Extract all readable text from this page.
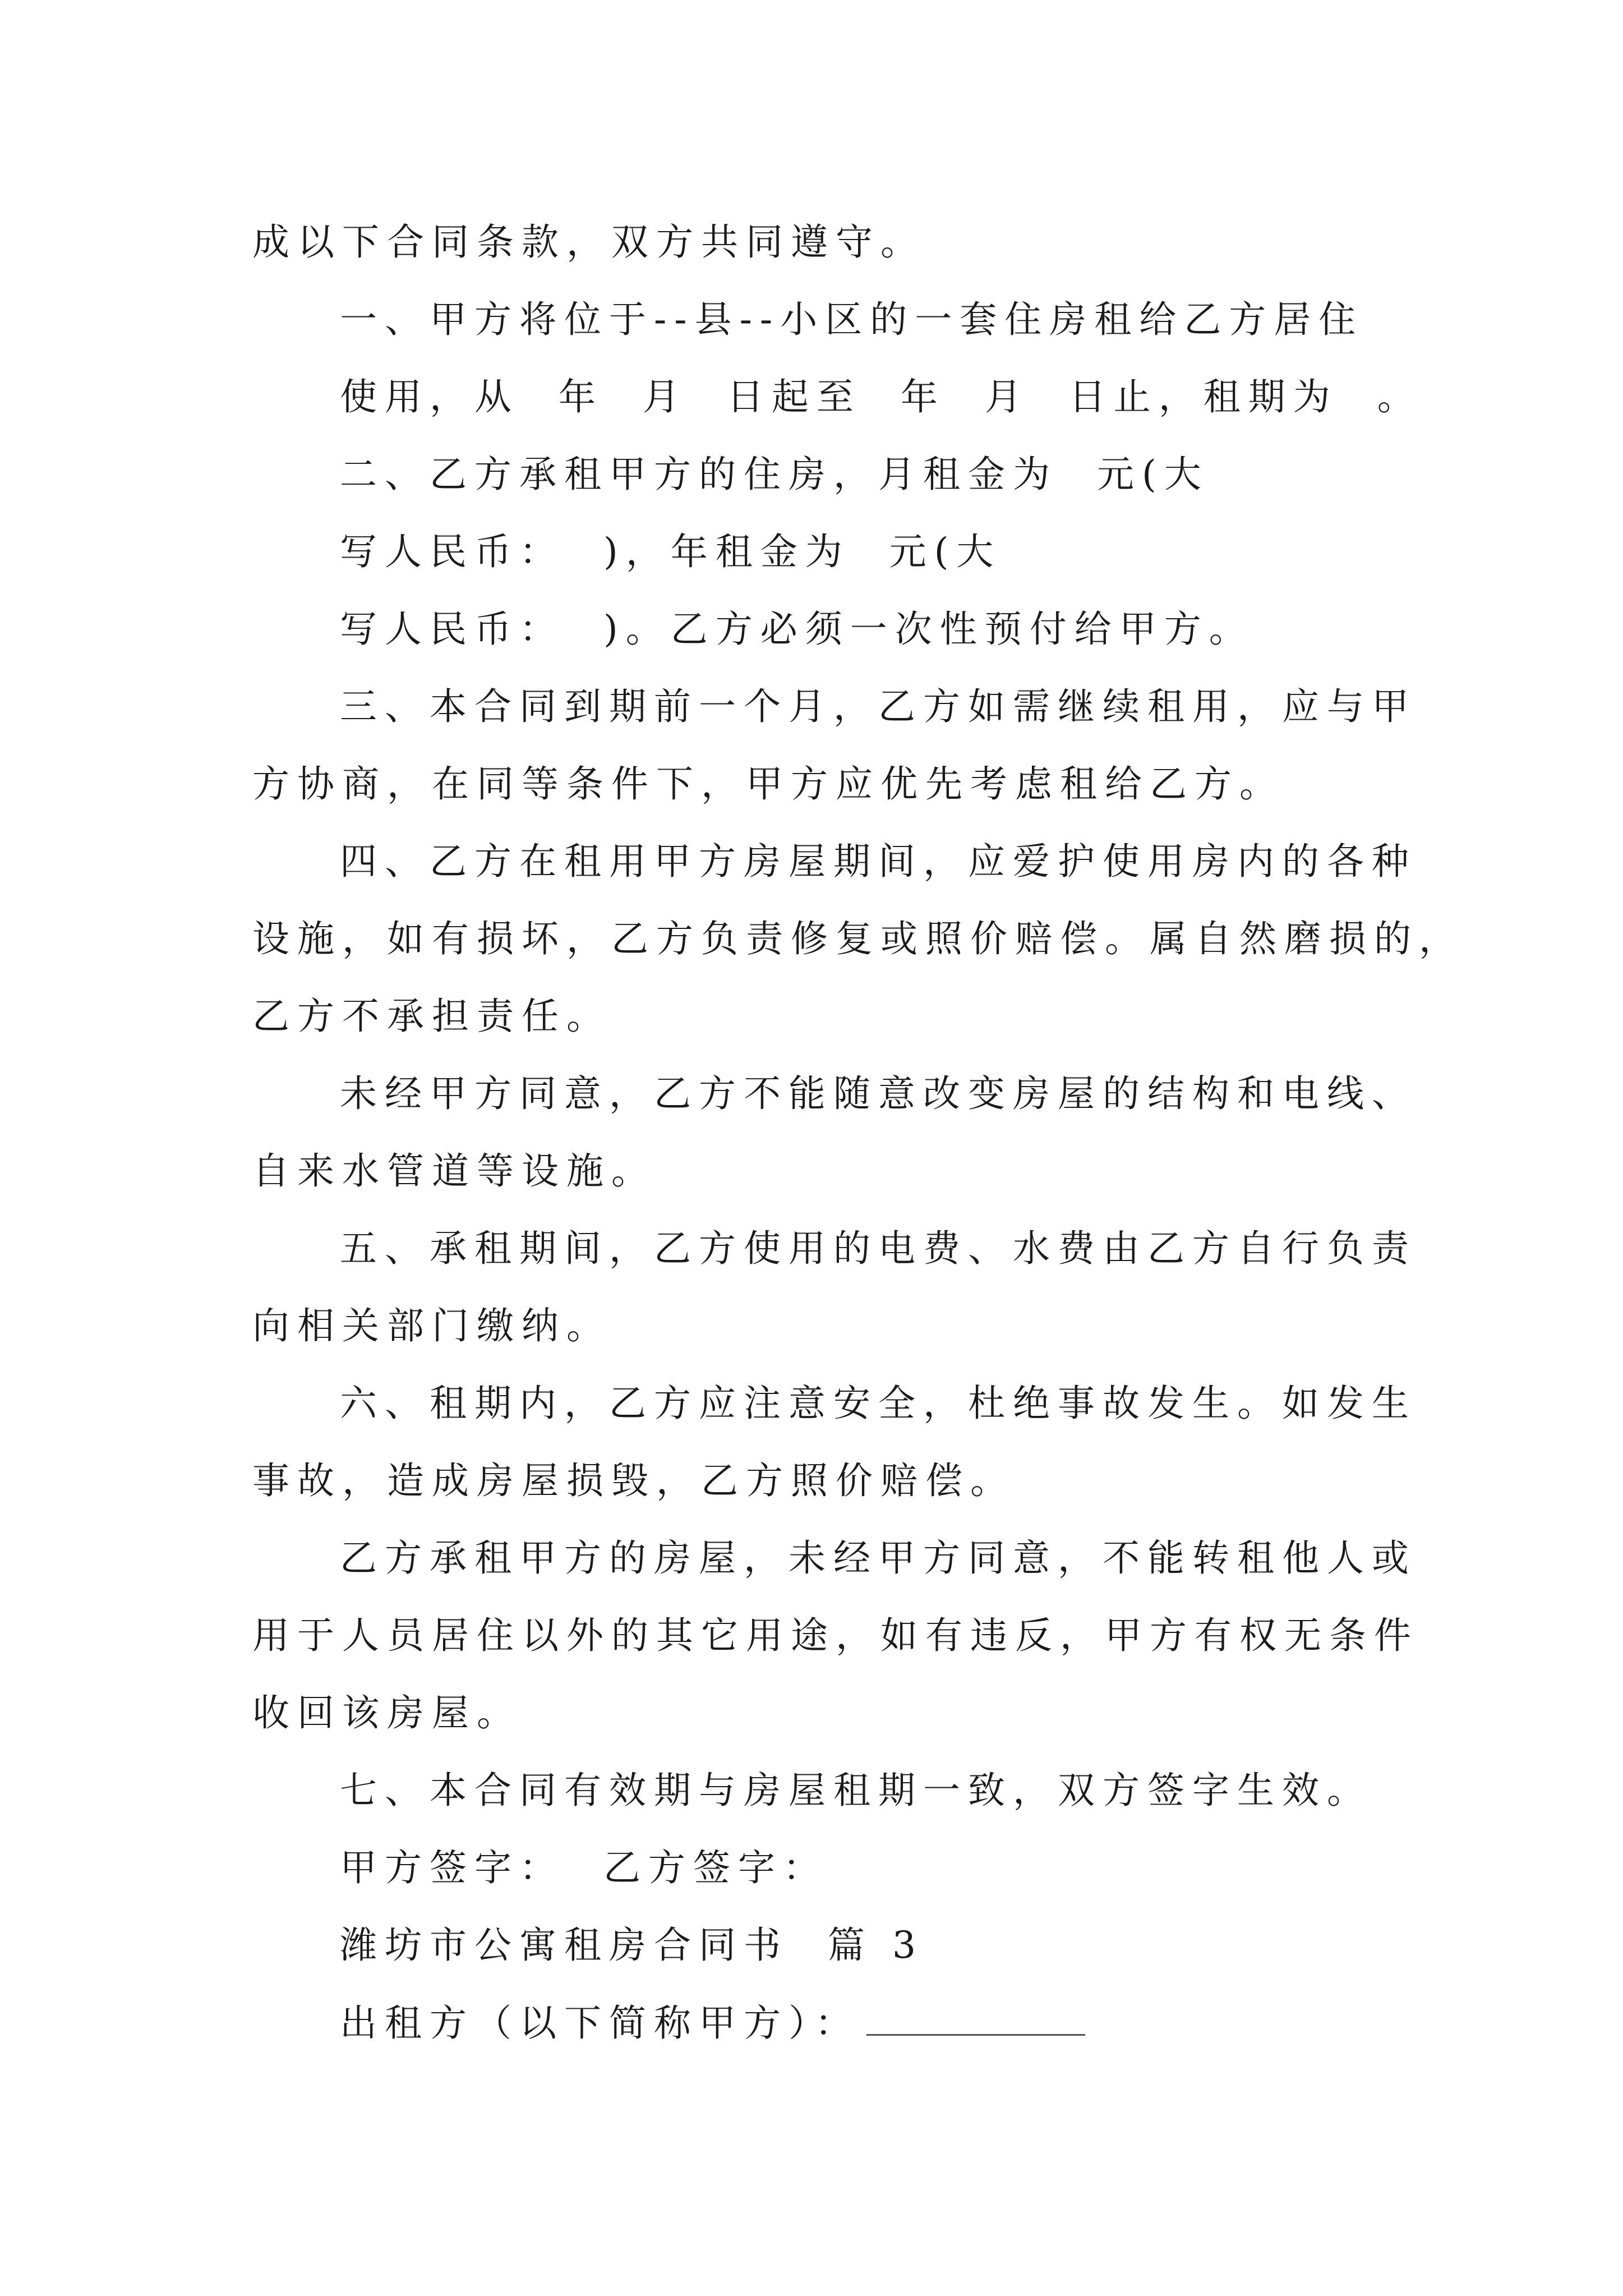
成以下合同条款，双方共同遵守。
一、甲方将位于--县--小区的一套住房租给乙方居住
使用，从  年  月  日起至  年  月  日止，租期为  。
二、乙方承租甲方的住房，月租金为  元(大
写人民币：  )，年租金为  元(大
写人民币：  )。乙方必须一次性预付给甲方。
三、本合同到期前一个月，乙方如需继续租用，应与甲
方协商，在同等条件下，甲方应优先考虑租给乙方。
四、乙方在租用甲方房屋期间，应爱护使用房内的各种
设施，如有损坏，乙方负责修复或照价赔偿。属自然磨损的，
乙方不承担责任。
未经甲方同意，乙方不能随意改变房屋的结构和电线、
自来水管道等设施。
五、承租期间，乙方使用的电费、水费由乙方自行负责
向相关部门缴纳。
六、租期内，乙方应注意安全，杜绝事故发生。如发生
事故，造成房屋损毁，乙方照价赔偿。
乙方承租甲方的房屋，未经甲方同意，不能转租他人或
用于人员居住以外的其它用途，如有违反，甲方有权无条件
收回该房屋。
七、本合同有效期与房屋租期一致，双方签字生效。
甲方签字：  乙方签字：
潍坊市公寓租房合同书  篇 3
出租方（以下简称甲方）：
